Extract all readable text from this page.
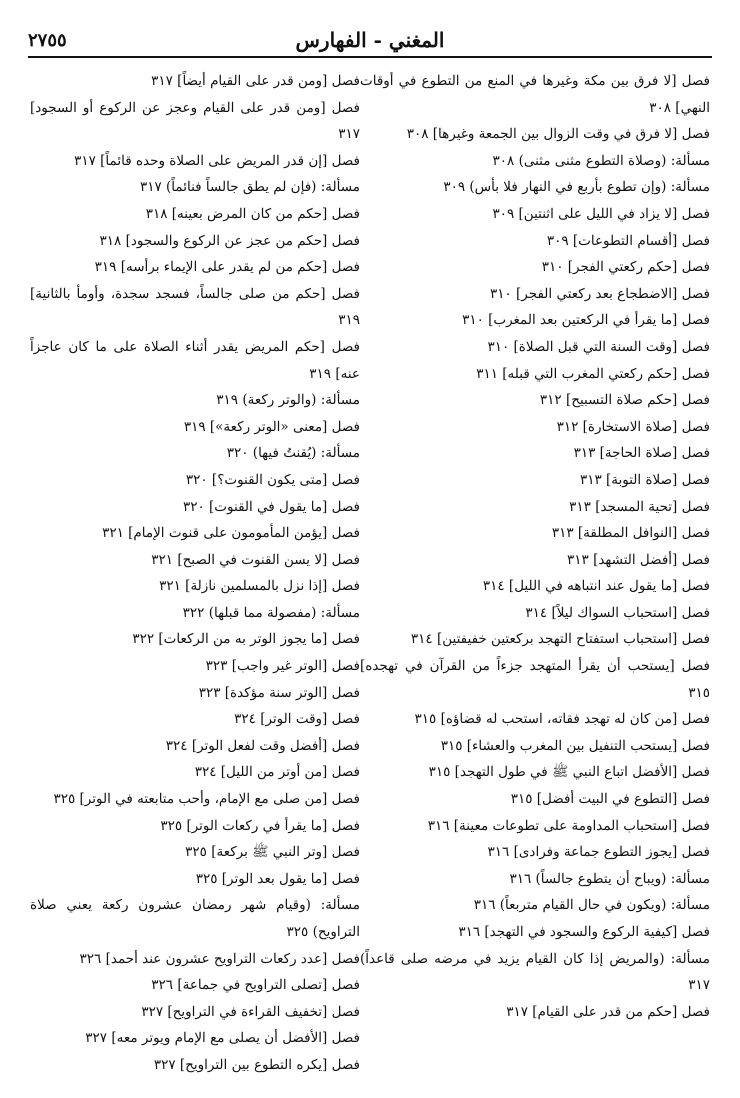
المغني - الفهارس
٢٧٥٥

فصل [لا فرق بين مكة وغيرها في المنع من التطوع في أوقات النهي] ٣٠٨

فصل [لا فرق في وقت الزوال بين الجمعة وغيرها] ٣٠٨

مسألة: (وصلاة التطوع مثنى مثنى) ٣٠٨

مسألة: (وإن تطوع بأربع في النهار فلا بأس) ٣٠٩

فصل [لا يزاد في الليل على اثنتين] ٣٠٩

فصل [أقسام التطوعات] ٣٠٩

فصل [حكم ركعتي الفجر] ٣١٠

فصل [الاضطجاع بعد ركعتي الفجر] ٣١٠

فصل [ما يقرأ في الركعتين بعد المغرب] ٣١٠

فصل [وقت السنة التي قبل الصلاة] ٣١٠

فصل [حكم ركعتي المغرب التي قبله] ٣١١

فصل [حكم صلاة التسبيح] ٣١٢

فصل [صلاة الاستخارة] ٣١٢

فصل [صلاة الحاجة] ٣١٣

فصل [صلاة التوبة] ٣١٣

فصل [تحية المسجد] ٣١٣

فصل [النوافل المطلقة] ٣١٣

فصل [أفضل التشهد] ٣١٣

فصل [ما يقول عند انتباهه في الليل] ٣١٤

فصل [استحباب السواك ليلاً] ٣١٤

فصل [استحباب استفتاح التهجد بركعتين خفيفتين] ٣١٤

فصل [يستحب أن يقرأ المتهجد جزءاً من القرآن في تهجده] ٣١٥

فصل [من كان له تهجد فقاته، استحب له قضاؤه] ٣١٥

فصل [يستحب التنفيل بين المغرب والعشاء] ٣١٥

فصل [الأفضل اتباع النبي ﷺ في طول التهجد] ٣١٥

فصل [التطوع في البيت أفضل] ٣١٥

فصل [استحباب المداومة على تطوعات معينة] ٣١٦

فصل [يجوز التطوع جماعة وفرادى] ٣١٦

مسألة: (ويباح أن يتطوع جالساً) ٣١٦

مسألة: (ويكون في حال القيام متربعاً) ٣١٦

فصل [كيفية الركوع والسجود في التهجد] ٣١٦

مسألة: (والمريض إذا كان القيام يزيد في مرضه صلى قاعداً) ٣١٧

فصل [حكم من قدر على القيام] ٣١٧

فصل [ومن قدر على القيام أيضاً] ٣١٧

فصل [ومن قدر على القيام وعجز عن الركوع أو السجود] ٣١٧

فصل [إن قدر المريض على الصلاة وحده قائماً] ٣١٧

مسألة: (فإن لم يطق جالساً فنائماً) ٣١٧

فصل [حكم من كان المرض بعينه] ٣١٨

فصل [حكم من عجز عن الركوع والسجود] ٣١٨

فصل [حكم من لم يقدر على الإيماء برأسه] ٣١٩

فصل [حكم من صلى جالساً، فسجد سجدة، وأومأ بالثانية] ٣١٩

فصل [حكم المريض يقدر أثناء الصلاة على ما كان عاجزاً عنه] ٣١٩

مسألة: (والوتر ركعة) ٣١٩

فصل [معنى «الوتر ركعة»] ٣١٩

مسألة: (يُقنتُ فيها) ٣٢٠

فصل [متى يكون القنوت؟] ٣٢٠

فصل [ما يقول في القنوت] ٣٢٠

فصل [يؤمن المأمومون على قنوت الإمام] ٣٢١

فصل [لا يسن القنوت في الصبح] ٣٢١

فصل [إذا نزل بالمسلمين نازلة] ٣٢١

مسألة: (مفصولة مما قبلها) ٣٢٢

فصل [ما يجوز الوتر به من الركعات] ٣٢٢

فصل [الوتر غير واجب] ٣٢٣

فصل [الوتر سنة مؤكدة] ٣٢٣

فصل [وقت الوتر] ٣٢٤

فصل [أفضل وقت لفعل الوتر] ٣٢٤

فصل [من أوتر من الليل] ٣٢٤

فصل [من صلى مع الإمام، وأحب متابعته في الوتر] ٣٢٥

فصل [ما يقرأ في ركعات الوتر] ٣٢٥

فصل [وتر النبي ﷺ بركعة] ٣٢٥

فصل [ما يقول بعد الوتر] ٣٢٥

مسألة: (وقيام شهر رمضان عشرون ركعة يعني صلاة التراويح) ٣٢٥

فصل [عدد ركعات التراويح عشرون عند أحمد] ٣٢٦

فصل [تصلى التراويح في جماعة] ٣٢٦

فصل [تخفيف القراءة في التراويح] ٣٢٧

فصل [الأفضل أن يصلى مع الإمام ويوتر معه] ٣٢٧

فصل [يكره التطوع بين التراويح] ٣٢٧
